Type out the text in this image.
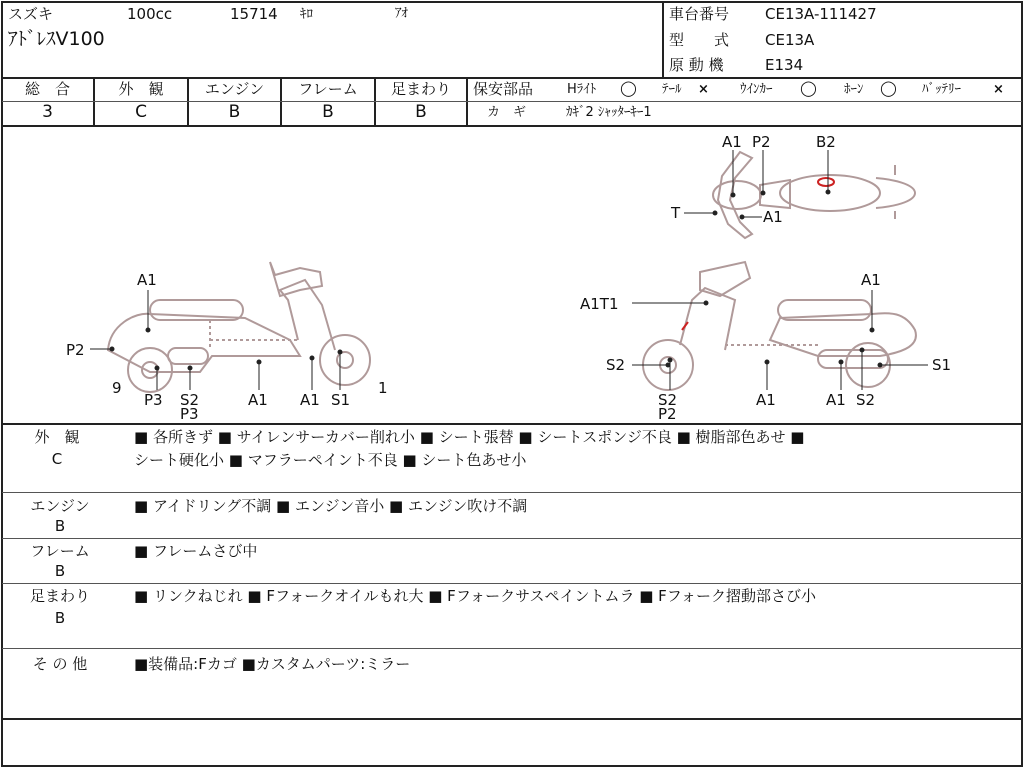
スズキ	100cc	15714 ｷﾛ	ｱｵ
ｱﾄﾞﾚｽV100
車台番号 CE13A-111427
型　　式 CE13A
原 動 機	E134
総　合
3
外　観
C
エンジン
B
フレーム
B
足まわり
B
保安部品	Hﾗｲﾄ ◯ ﾃｰﾙ × ｳｲﾝｶｰ ◯ ﾎｰﾝ ◯ ﾊﾞｯﾃﾘｰ ×
カ　ギ	ｶｷﾞ2 ｼｬｯﾀｰｷｰ1
A1
P2
9
P3 S2
P3
A1 A1 S1
1
A1T1
A1
S2	S1
S2
P2
A1	A1 S2
A1 P2	B2
T	A1
外　観
C
■ 各所きず ■ サイレンサーカバー削れ小 ■ シート張替 ■ シートスポンジ不良 ■ 樹脂部色あせ ■
シート硬化小 ■ マフラーペイント不良 ■ シート色あせ小
エンジン
B
■ アイドリング不調 ■ エンジン音小 ■ エンジン吹け不調
フレーム
B
■ フレームさび中
足まわり
B
■ リンクねじれ ■ Fフォークオイルもれ大 ■ Fフォークサスペイントムラ ■ Fフォーク摺動部さび小
そ の 他	■装備品:Fカゴ ■カスタムパーツ:ミラー
